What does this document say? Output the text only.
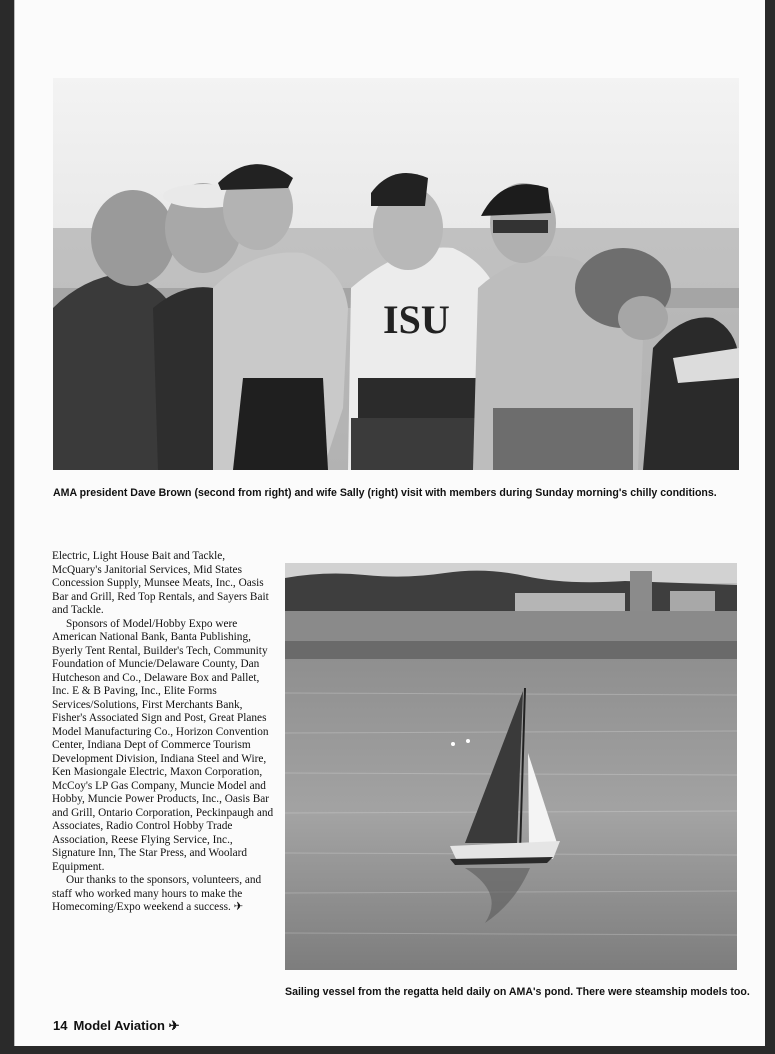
ISU
AMA president Dave Brown (second from right) and wife Sally (right) visit with members during Sunday morning's chilly conditions.

Electric, Light House Bait and Tackle, McQuary's Janitorial Services, Mid States Concession Supply, Munsee Meats, Inc., Oasis Bar and Grill, Red Top Rentals, and Sayers Bait and Tackle.

Sponsors of Model/Hobby Expo were American National Bank, Banta Publishing, Byerly Tent Rental, Builder's Tech, Community Foundation of Muncie/Delaware County, Dan Hutcheson and Co., Delaware Box and Pallet, Inc. E & B Paving, Inc., Elite Forms Services/Solutions, First Merchants Bank, Fisher's Associated Sign and Post, Great Planes Model Manufacturing Co., Horizon Convention Center, Indiana Dept of Commerce Tourism Development Division, Indiana Steel and Wire, Ken Masiongale Electric, Maxon Corporation, McCoy's LP Gas Company, Muncie Model and Hobby, Muncie Power Products, Inc., Oasis Bar and Grill, Ontario Corporation, Peckinpaugh and Associates, Radio Control Hobby Trade Association, Reese Flying Service, Inc., Signature Inn, The Star Press, and Woolard Equipment.

Our thanks to the sponsors, volunteers, and staff who worked many hours to make the Homecoming/Expo weekend a success. ✈

Sailing vessel from the regatta held daily on AMA's pond. There were steamship models too.
14 Model Aviation ✈
